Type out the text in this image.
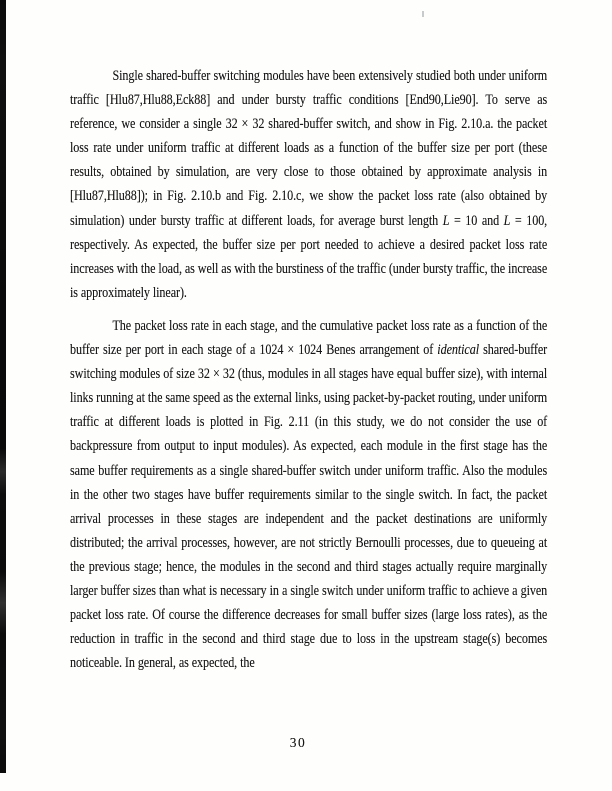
Single shared-buffer switching modules have been extensively studied both under uniform traffic [Hlu87,Hlu88,Eck88] and under bursty traffic conditions [End90,Lie90]. To serve as reference, we consider a single 32 × 32 shared-buffer switch, and show in Fig. 2.10.a. the packet loss rate under uniform traffic at different loads as a function of the buffer size per port (these results, obtained by simulation, are very close to those obtained by approximate analysis in [Hlu87,Hlu88]); in Fig. 2.10.b and Fig. 2.10.c, we show the packet loss rate (also obtained by simulation) under bursty traffic at different loads, for average burst length L = 10 and L = 100, respectively. As expected, the buffer size per port needed to achieve a desired packet loss rate increases with the load, as well as with the burstiness of the traffic (under bursty traffic, the increase is approximately linear).

The packet loss rate in each stage, and the cumulative packet loss rate as a function of the buffer size per port in each stage of a 1024 × 1024 Benes arrangement of identical shared-buffer switching modules of size 32 × 32 (thus, modules in all stages have equal buffer size), with internal links running at the same speed as the external links, using packet-by-packet routing, under uniform traffic at different loads is plotted in Fig. 2.11 (in this study, we do not consider the use of backpressure from output to input modules). As expected, each module in the first stage has the same buffer requirements as a single shared-buffer switch under uniform traffic. Also the modules in the other two stages have buffer requirements similar to the single switch. In fact, the packet arrival processes in these stages are independent and the packet destinations are uniformly distributed; the arrival processes, however, are not strictly Bernoulli processes, due to queueing at the previous stage; hence, the modules in the second and third stages actually require marginally larger buffer sizes than what is necessary in a single switch under uniform traffic to achieve a given packet loss rate. Of course the difference decreases for small buffer sizes (large loss rates), as the reduction in traffic in the second and third stage due to loss in the upstream stage(s) becomes noticeable. In general, as expected, the

30
